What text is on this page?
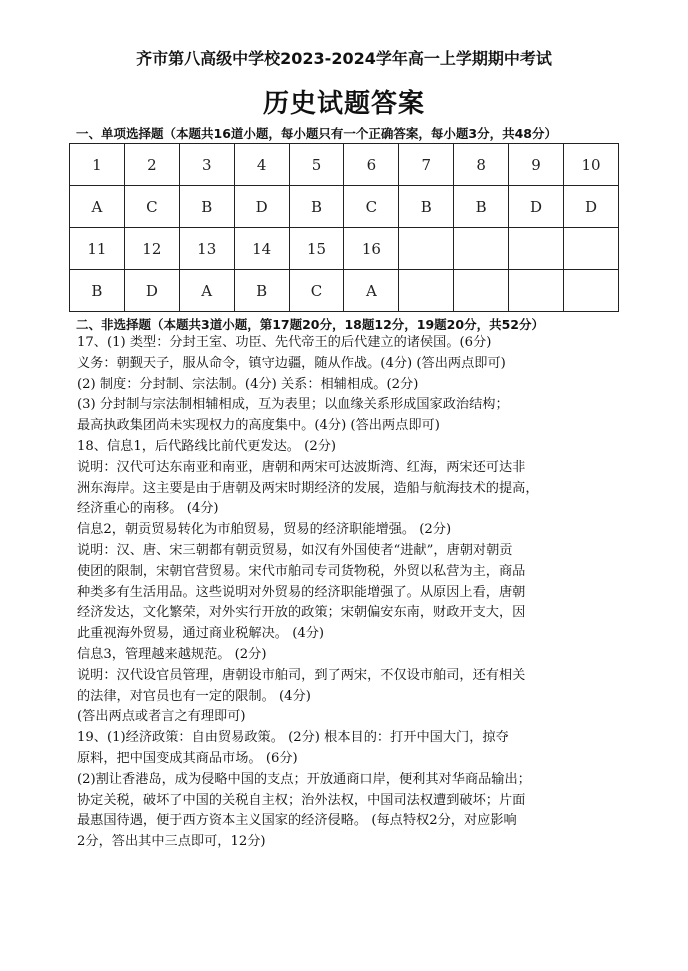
齐市第八高级中学校2023-2024学年高一上学期期中考试
历史试题答案
一、单项选择题（本题共16道小题，每小题只有一个正确答案，每小题3分，共48分）
1	2	3	4	5	6	7	8	9	10
A	C	B	D	B	C	B	B	D	D
11	12	13	14	15	16				
B	D	A	B	C	A				
二、非选择题（本题共3道小题，第17题20分，18题12分，19题20分，共52分）

17、(1) 类型：分封王室、功臣、先代帝王的后代建立的诸侯国。(6分)

义务：朝觐天子，服从命令，镇守边疆，随从作战。(4分) (答出两点即可)

(2) 制度：分封制、宗法制。(4分) 关系：相辅相成。(2分)

(3) 分封制与宗法制相辅相成，互为表里；以血缘关系形成国家政治结构；

最高执政集团尚未实现权力的高度集中。(4分) (答出两点即可)

18、信息1，后代路线比前代更发达。 (2分)

说明：汉代可达东南亚和南亚，唐朝和两宋可达波斯湾、红海，两宋还可达非

洲东海岸。这主要是由于唐朝及两宋时期经济的发展，造船与航海技术的提高，

经济重心的南移。 (4分)

信息2，朝贡贸易转化为市舶贸易，贸易的经济职能增强。 (2分)

说明：汉、唐、宋三朝都有朝贡贸易，如汉有外国使者“进献”，唐朝对朝贡

使团的限制，宋朝官营贸易。宋代市舶司专司货物税，外贸以私营为主，商品

种类多有生活用品。这些说明对外贸易的经济职能增强了。从原因上看，唐朝

经济发达，文化繁荣，对外实行开放的政策；宋朝偏安东南，财政开支大，因

此重视海外贸易，通过商业税解决。 (4分)

信息3，管理越来越规范。 (2分)

说明：汉代设官员管理，唐朝设市舶司，到了两宋，不仅设市舶司，还有相关

的法律，对官员也有一定的限制。 (4分)

(答出两点或者言之有理即可)

19、(1)经济政策：自由贸易政策。 (2分) 根本目的：打开中国大门，掠夺

原料，把中国变成其商品市场。 (6分)

(2)割让香港岛，成为侵略中国的支点；开放通商口岸，便利其对华商品输出；

协定关税，破坏了中国的关税自主权；治外法权，中国司法权遭到破坏；片面

最惠国待遇，便于西方资本主义国家的经济侵略。 (每点特权2分，对应影响

2分，答出其中三点即可，12分)
